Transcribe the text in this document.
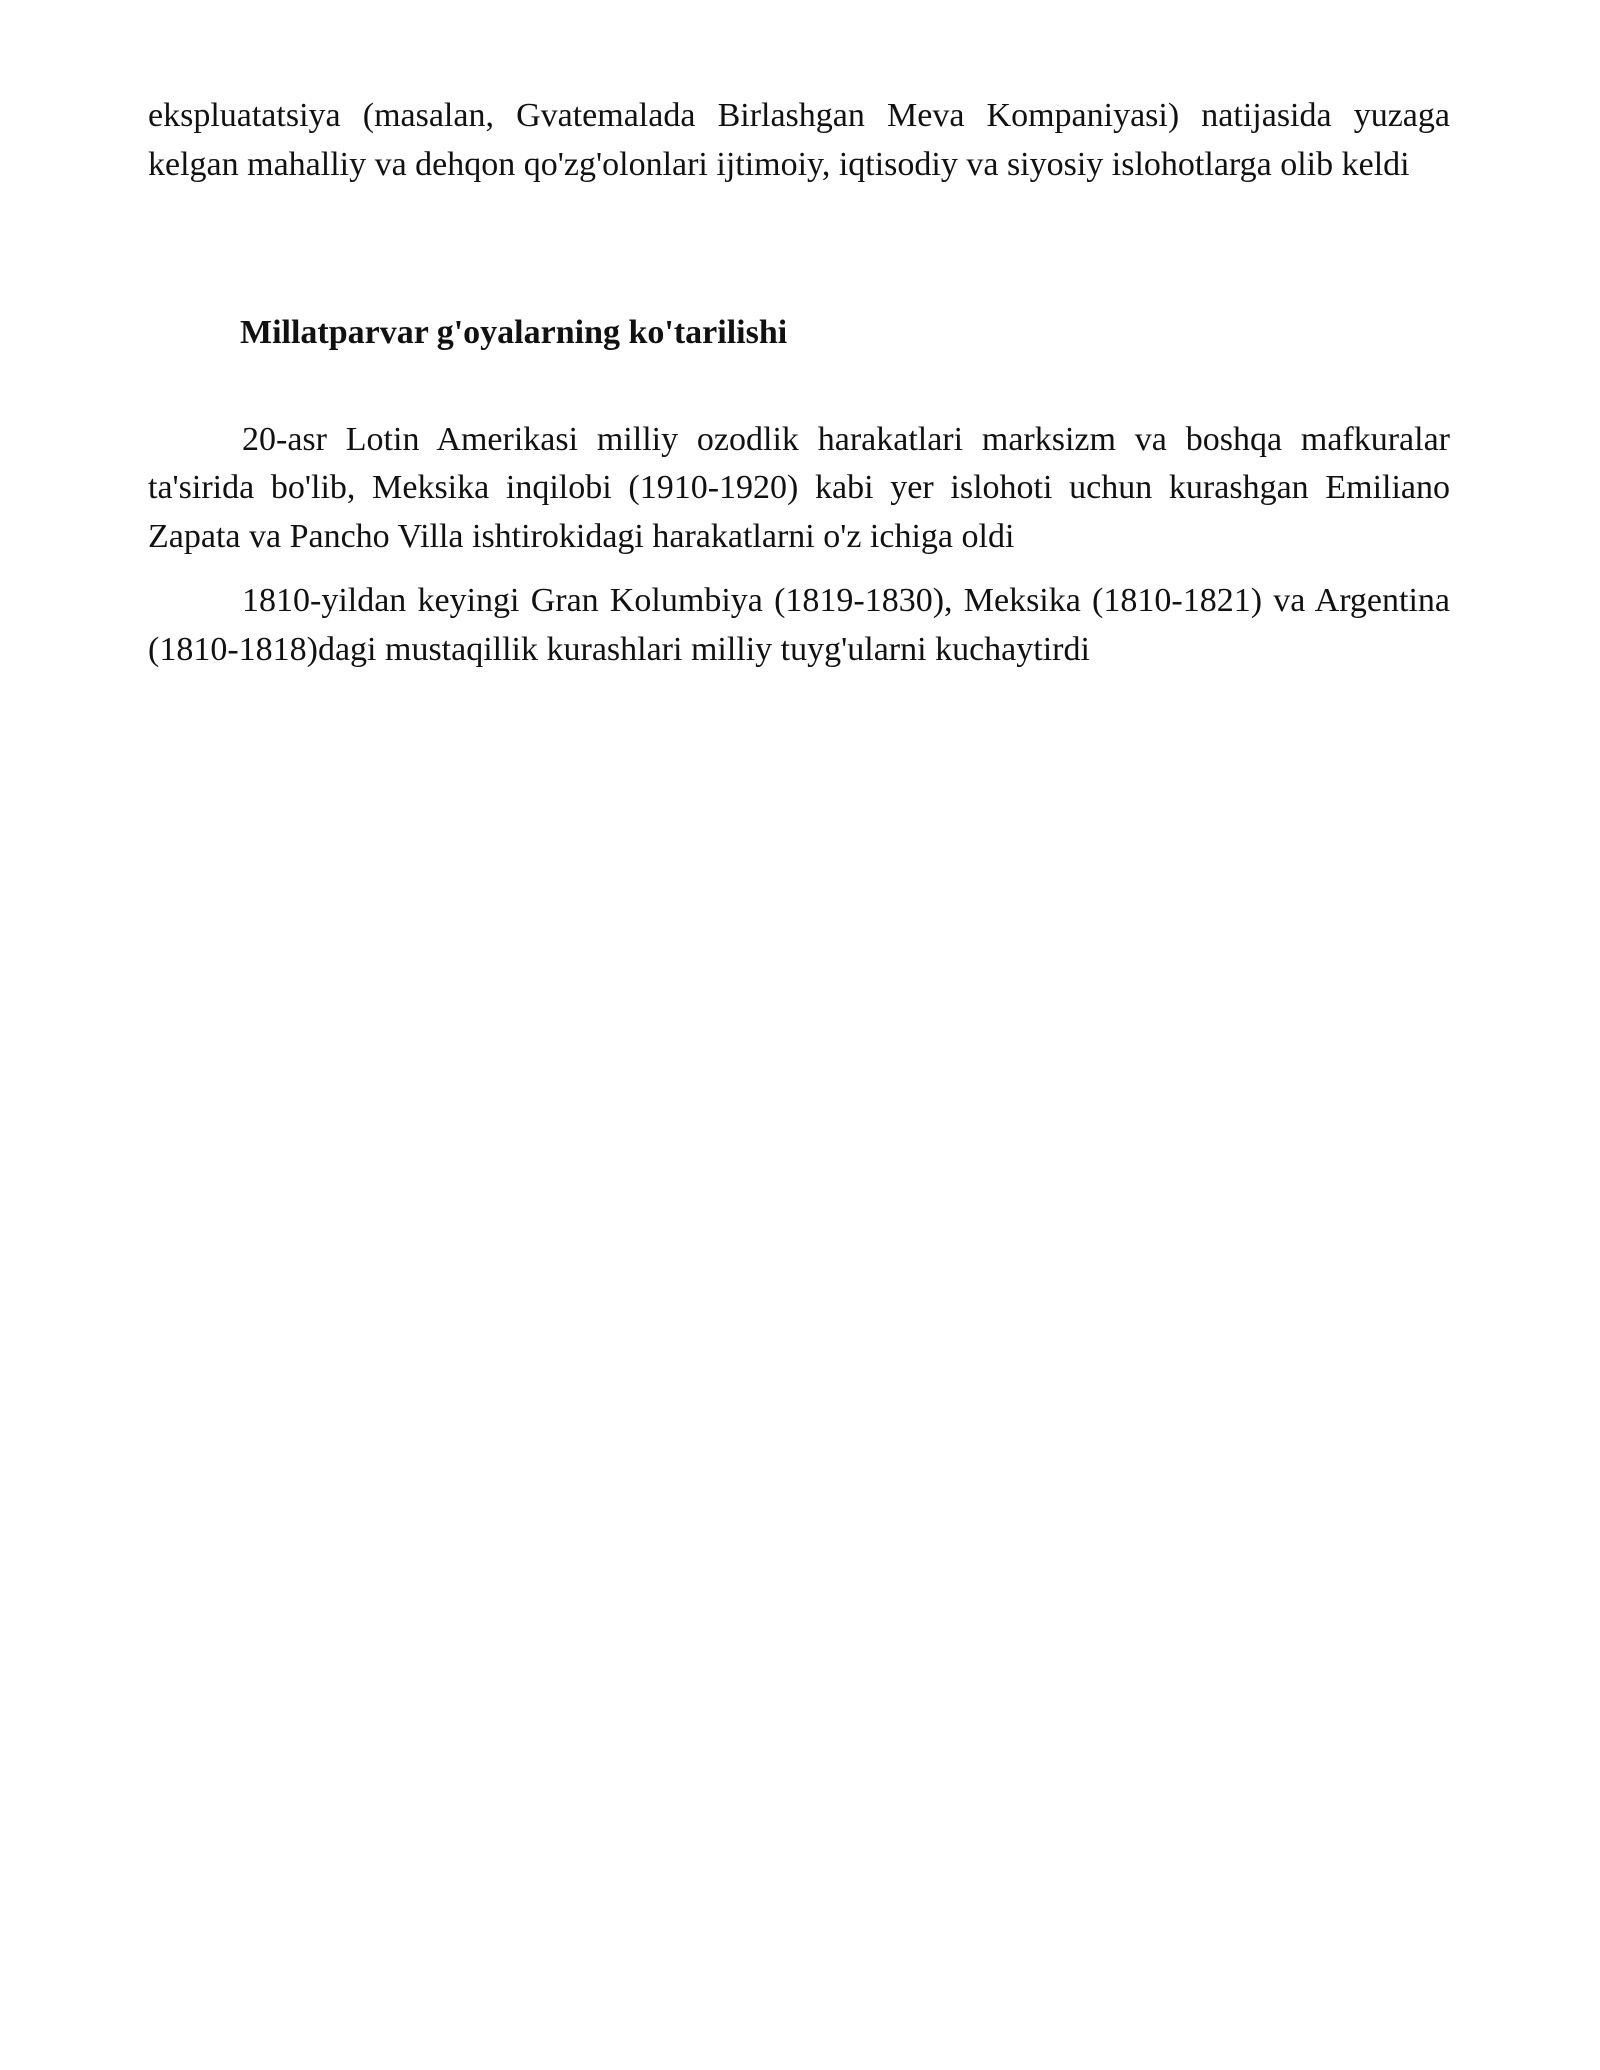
ekspluatatsiya (masalan, Gvatemalada Birlashgan Meva Kompaniyasi) natijasida yuzaga kelgan mahalliy va dehqon qo'zg'olonlari ijtimoiy, iqtisodiy va siyosiy islohotlarga olib keldi

Millatparvar g'oyalarning ko'tarilishi

20-asr Lotin Amerikasi milliy ozodlik harakatlari marksizm va boshqa mafkuralar ta'sirida bo'lib, Meksika inqilobi (1910-1920) kabi yer islohoti uchun kurashgan Emiliano Zapata va Pancho Villa ishtirokidagi harakatlarni o'z ichiga oldi

1810-yildan keyingi Gran Kolumbiya (1819-1830), Meksika (1810-1821) va Argentina (1810-1818)dagi mustaqillik kurashlari milliy tuyg'ularni kuchaytirdi
